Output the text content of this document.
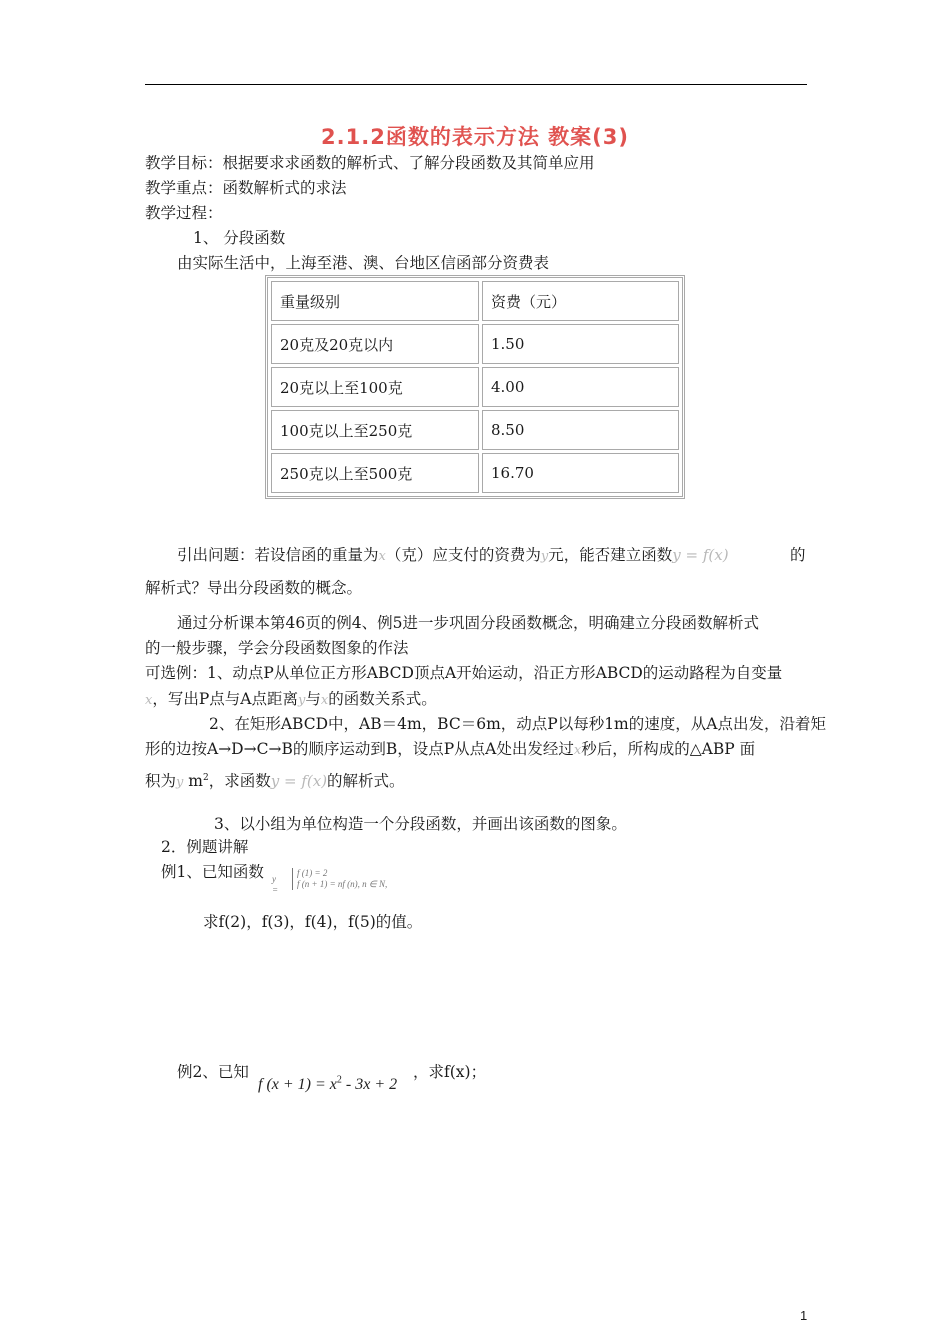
2.1.2函数的表示方法 教案(3)
教学目标：根据要求求函数的解析式、了解分段函数及其简单应用
教学重点：函数解析式的求法
教学过程：
1、 分段函数
由实际生活中，上海至港、澳、台地区信函部分资费表
重量级别	资费（元）
20克及20克以内	1.50
20克以上至100克	4.00
100克以上至250克	8.50
250克以上至500克	16.70
引出问题：若设信函的重量为x（克）应支付的资费为y元，能否建立函数y = f(x)	的
解析式？导出分段函数的概念。
通过分析课本第46页的例4、例5进一步巩固分段函数概念，明确建立分段函数解析式
的一般步骤，学会分段函数图象的作法
可选例：1、动点P从单位正方形ABCD顶点A开始运动，沿正方形ABCD的运动路程为自变量
x，写出P点与A点距离y与x的函数关系式。
2、在矩形ABCD中，AB＝4m，BC＝6m，动点P以每秒1m的速度，从A点出发，沿着矩
形的边按A→D→C→B的顺序运动到B，设点P从点A处出发经过x秒后，所构成的△ABP 面
积为y $m^2$，求函数y = f(x)的解析式。
3、以小组为单位构造一个分段函数，并画出该函数的图象。
2．例题讲解
例1、已知函数 y =
f (1) = 2
f (n + 1) = nf (n), n ∈ N,
求f(2)，f(3)，f(4)，f(5)的值。
例2、已知
f $(x + 1) = x^2 - 3x + 2$
，求f(x)；
1
